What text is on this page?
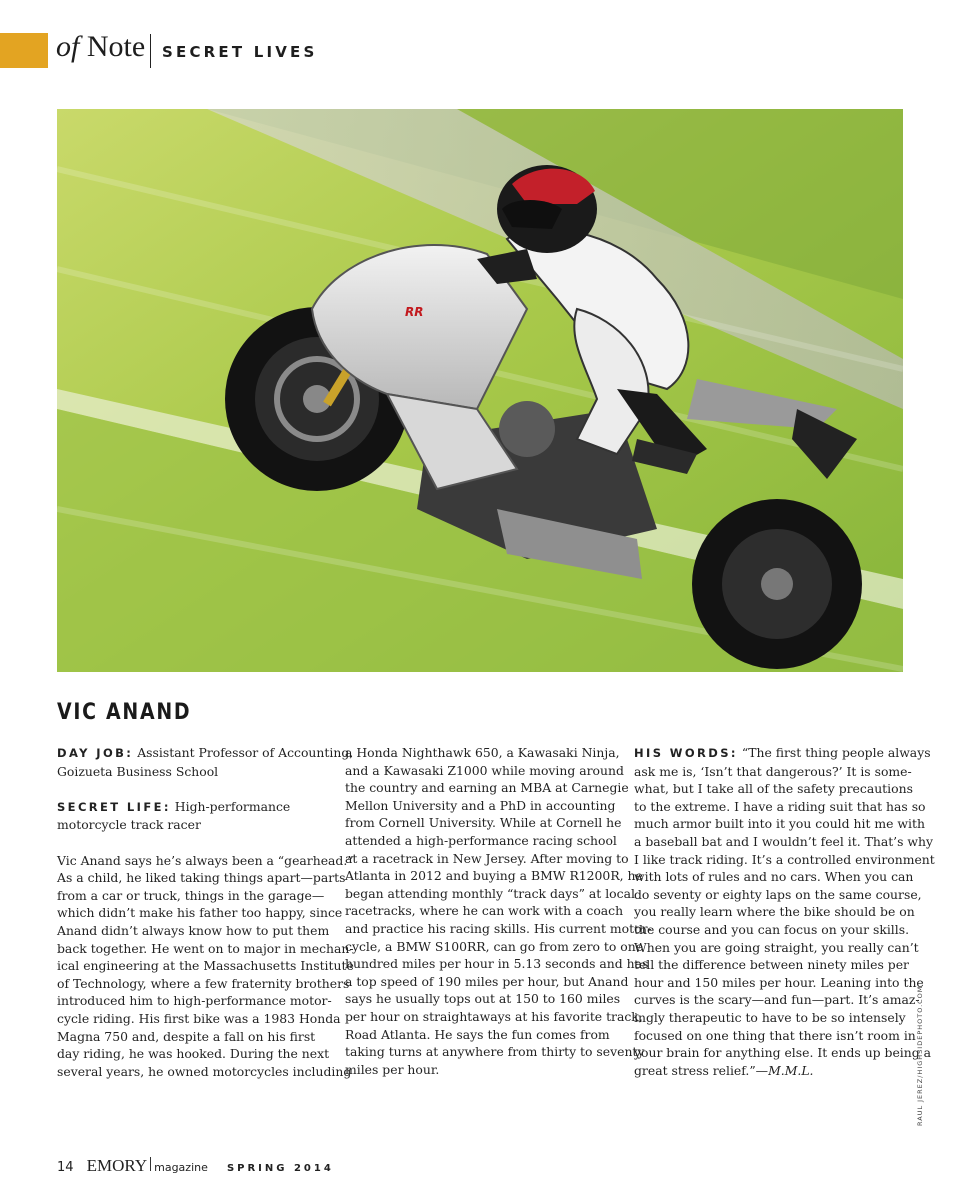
of Note SECRET LIVES
RR
VIC ANAND
DAY JOB: Assistant Professor of Accounting,
Goizueta Business School
SECRET LIFE: High-performance
motorcycle track racer
Vic Anand says he’s always been a “gearhead.”
As a child, he liked taking things apart—parts
from a car or truck, things in the garage—
which didn’t make his father too happy, since
Anand didn’t always know how to put them
back together. He went on to major in mechan-
ical engineering at the Massachusetts Institute
of Technology, where a few fraternity brothers
introduced him to high-performance motor-
cycle riding. His first bike was a 1983 Honda
Magna 750 and, despite a fall on his first
day riding, he was hooked. During the next
several years, he owned motorcycles including
a Honda Nighthawk 650, a Kawasaki Ninja,
and a Kawasaki Z1000 while moving around
the country and earning an MBA at Carnegie
Mellon University and a PhD in accounting
from Cornell University. While at Cornell he
attended a high-performance racing school
at a racetrack in New Jersey. After moving to
Atlanta in 2012 and buying a BMW R1200R, he
began attending monthly “track days” at local
racetracks, where he can work with a coach
and practice his racing skills. His current motor-
cycle, a BMW S100RR, can go from zero to one
hundred miles per hour in 5.13 seconds and has
a top speed of 190 miles per hour, but Anand
says he usually tops out at 150 to 160 miles
per hour on straightaways at his favorite track,
Road Atlanta. He says the fun comes from
taking turns at anywhere from thirty to seventy
miles per hour.
HIS WORDS: “The first thing people always
ask me is, ‘Isn’t that dangerous?’ It is some-
what, but I take all of the safety precautions
to the extreme. I have a riding suit that has so
much armor built into it you could hit me with
a baseball bat and I wouldn’t feel it. That’s why
I like track riding. It’s a controlled environment
with lots of rules and no cars. When you can
do seventy or eighty laps on the same course,
you really learn where the bike should be on
the course and you can focus on your skills.
When you are going straight, you really can’t
tell the difference between ninety miles per
hour and 150 miles per hour. Leaning into the
curves is the scary—and fun—part. It’s amaz-
ingly therapeutic to have to be so intensely
focused on one thing that there isn’t room in
your brain for anything else. It ends up being a
great stress relief.”—M.M.L.	RAUL JEREZ/HIGHSIDEPHOTO.COM
14 EMORY magazine SPRING 2014
